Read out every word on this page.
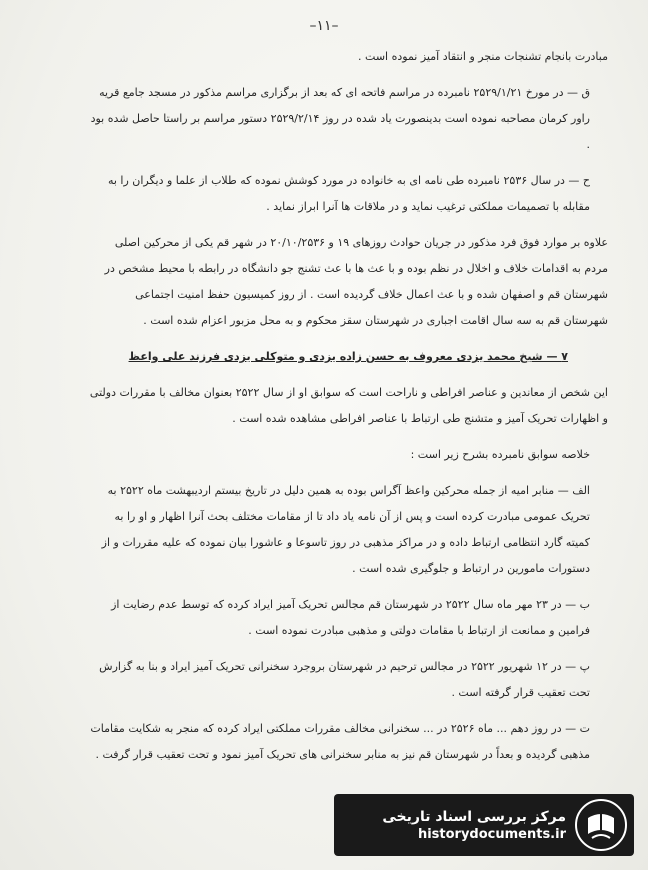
–۱۱–

مبادرت بانجام تشنجات منجر و انتقاد آمیز نموده است .

ق — در مورخ ۲۵۲۹/۱/۲۱ نامبرده در مراسم فاتحه ای که بعد از برگزاری مراسم مذکور در مسجد جامع قریه راور کرمان مصاحبه نموده است بدینصورت یاد شده در روز ۲۵۲۹/۲/۱۴ دستور مراسم بر راستا حاصل شده بود .

ح — در سال ۲۵۳۶ نامبرده طی نامه ای به خانواده در مورد کوشش نموده که طلاب از علما و دیگران را به مقابله با تصمیمات مملکتی ترغیب نماید و در ملاقات ها آنرا ابراز نماید .

علاوه بر موارد فوق فرد مذکور در جریان حوادث روزهای ۱۹ و ۲۰/۱۰/۲۵۳۶ در شهر قم یکی از محرکین اصلی مردم به اقدامات خلاف و اخلال در نظم بوده و با عث ها با عث تشنج جو دانشگاه در رابطه با محیط مشخص در شهرستان قم و اصفهان شده و با عث اعمال خلاف گردیده است . از روز کمیسیون حفظ امنیت اجتماعی شهرستان قم به سه سال اقامت اجباری در شهرستان سقز محکوم و به محل مزبور اعزام شده است .

۷ — شیخ محمد یزدی معروف به حسن زاده یزدی و متوکلی یزدی فرزند علی واعظ

این شخص از معاندین و عناصر افراطی و ناراحت است که سوابق او از سال ۲۵۲۲ بعنوان مخالف با مقررات دولتی و اظهارات تحریک آمیز و متشنج طی ارتباط با عناصر افراطی مشاهده شده است .

خلاصه سوابق نامبرده بشرح زیر است :

الف — منابر امیه از جمله محرکین واعظ آگراس بوده به همین دلیل در تاریخ بیستم اردیبهشت ماه ۲۵۲۲ به تحریک عمومی مبادرت کرده است و پس از آن نامه یاد داد تا از مقامات مختلف بحث آنرا اظهار و او را به کمیته گارد انتظامی ارتباط داده و در مراکز مذهبی در روز تاسوعا و عاشورا بیان نموده که علیه مقررات و از دستورات مامورین در ارتباط و جلوگیری شده است .

ب — در ۲۳ مهر ماه سال ۲۵۲۲ در شهرستان قم مجالس تحریک آمیز ایراد کرده که توسط عدم رضایت از فرامین و ممانعت از ارتباط با مقامات دولتی و مذهبی مبادرت نموده است .

پ — در ۱۲ شهریور ۲۵۲۲ در مجالس ترحیم در شهرستان بروجرد سخنرانی تحریک آمیز ایراد و بنا به گزارش تحت تعقیب قرار گرفته است .

ت — در روز دهم ... ماه ۲۵۲۶ در ... سخنرانی مخالف مقررات مملکتی ایراد کرده که منجر به شکایت مقامات مذهبی گردیده و بعداً در شهرستان قم نیز به منابر سخنرانی های تحریک آمیز نمود و تحت تعقیب قرار گرفت .

مرکز بررسی اسناد تاریخی
historydocuments.ir
